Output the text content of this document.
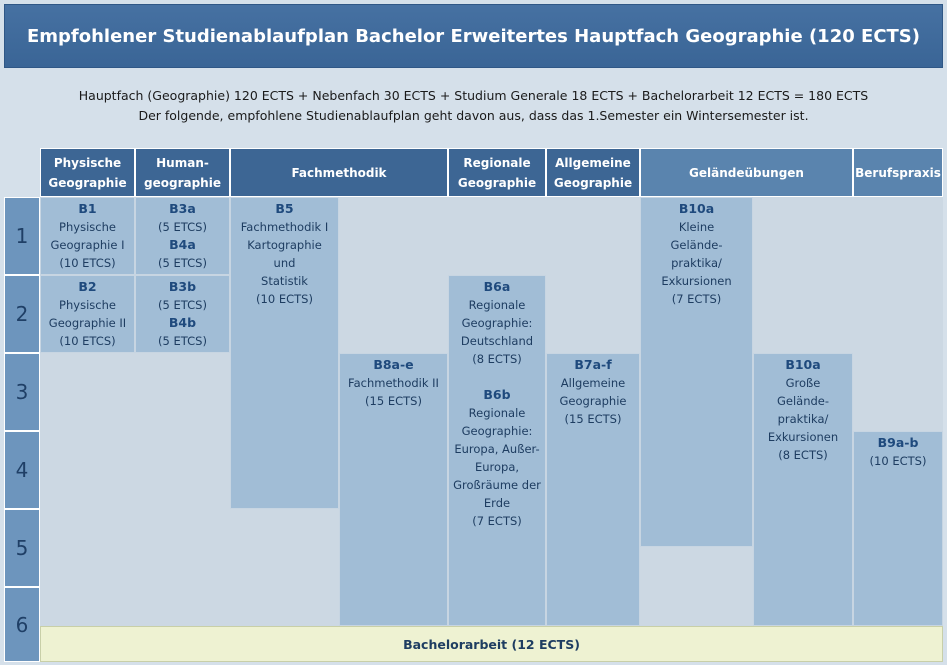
Empfohlener Studienablaufplan Bachelor Erweitertes Hauptfach Geographie (120 ECTS)
Hauptfach (Geographie) 120 ECTS + Nebenfach 30 ECTS + Studium Generale 18 ECTS + Bachelorarbeit 12 ECTS = 180 ECTS
Der folgende, empfohlene Studienablaufplan geht davon aus, dass das 1.Semester ein Wintersemester ist.
Physische
Geographie
Human-
geographie
Fachmethodik
Regionale
Geographie
Allgemeine
Geographie
Geländeübungen	Berufspraxis
1
2
3
4
5
6
B1
Physische
Geographie I
(10 ETCS)
B2
Physische
Geographie II
(10 ETCS)
B3a
(5 ETCS)
B4a
(5 ETCS)
B3b
(5 ETCS)
B4b
(5 ETCS)
B5
Fachmethodik I
Kartographie
und
Statistik
(10 ECTS)
B8a-e
Fachmethodik II
(15 ECTS)
B6a
Regionale
Geographie:
Deutschland
(8 ECTS)
B6b
Regionale
Geographie:
Europa, Außer-
Europa,
Großräume der
Erde
(7 ECTS)
B7a-f
Allgemeine
Geographie
(15 ECTS)
B10a
Kleine
Gelände-
praktika/
Exkursionen
(7 ECTS)
B10a
Große
Gelände-
praktika/
Exkursionen
(8 ECTS)
B9a-b
(10 ECTS)
Bachelorarbeit (12 ECTS)
